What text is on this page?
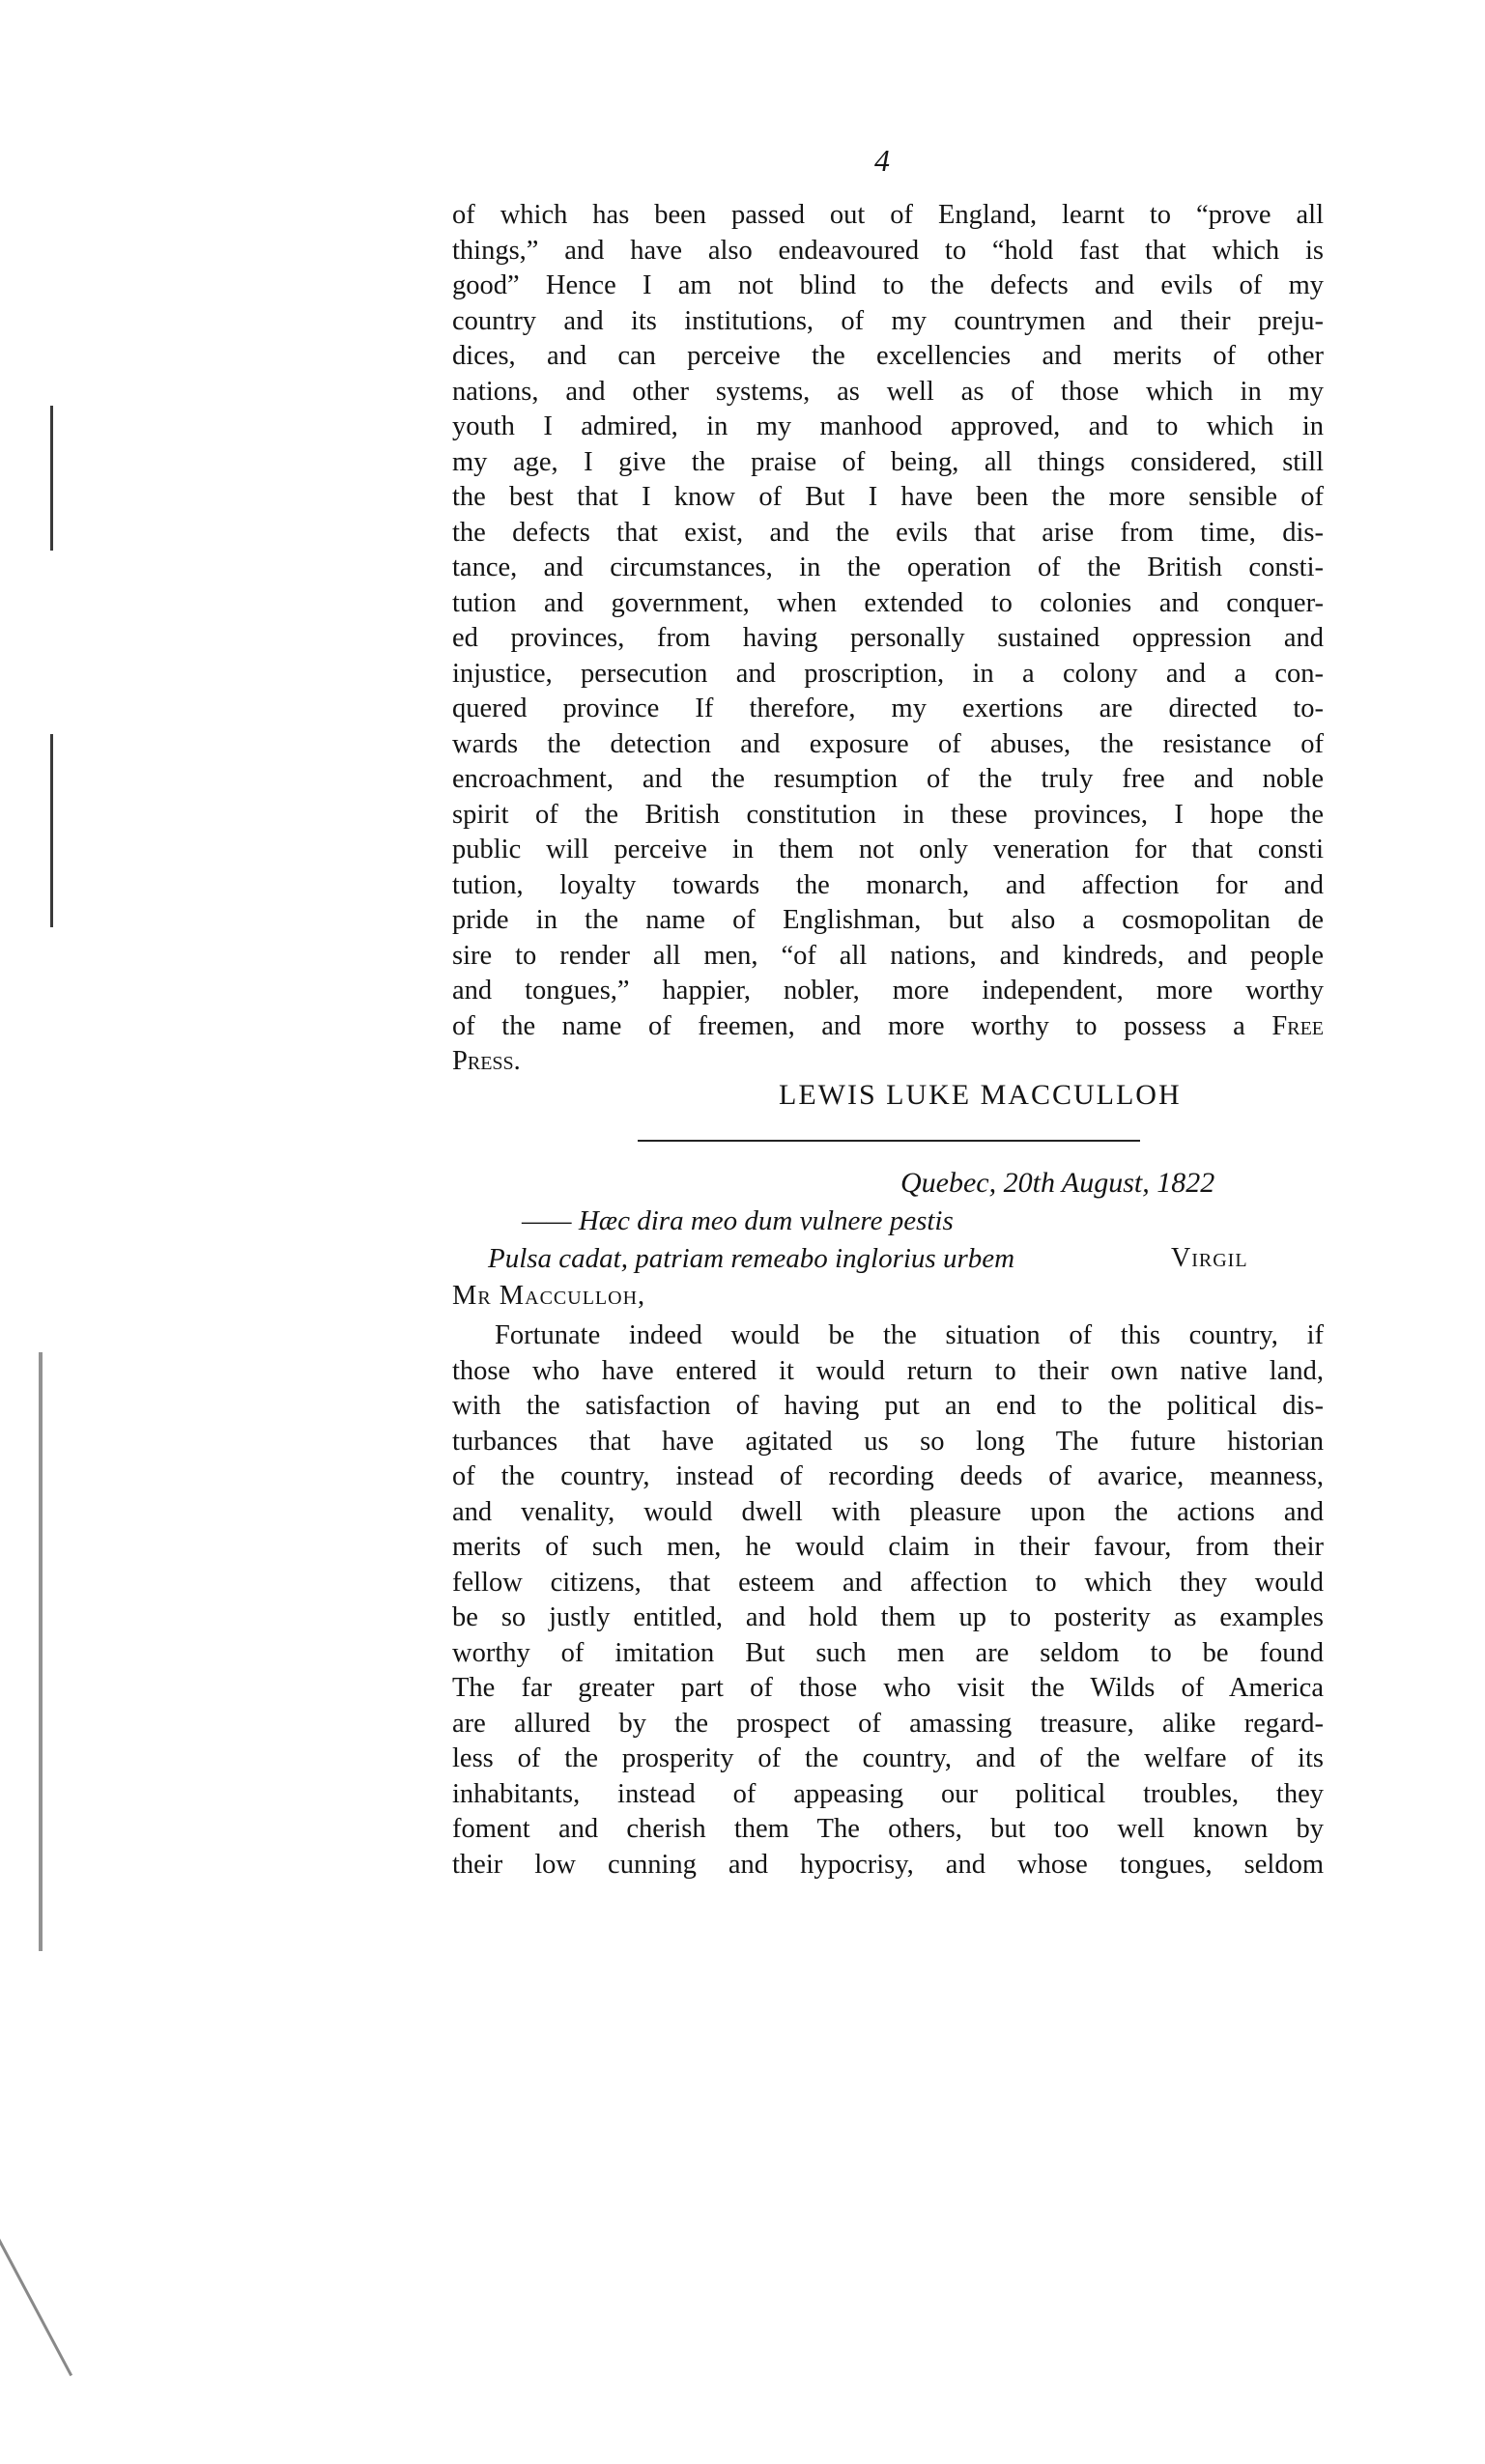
4
of which has been passed out of England, learnt to “prove all
things,” and have also endeavoured to “hold fast that which is
good” Hence I am not blind to the defects and evils of my
country and its institutions, of my countrymen and their preju-
dices, and can perceive the excellencies and merits of other
nations, and other systems, as well as of those which in my
youth I admired, in my manhood approved, and to which in
my age, I give the praise of being, all things considered, still
the best that I know of But I have been the more sensible of
the defects that exist, and the evils that arise from time, dis-
tance, and circumstances, in the operation of the British consti-
tution and government, when extended to colonies and conquer-
ed provinces, from having personally sustained oppression and
injustice, persecution and proscription, in a colony and a con-
quered province If therefore, my exertions are directed to-
wards the detection and exposure of abuses, the resistance of
encroachment, and the resumption of the truly free and noble
spirit of the British constitution in these provinces, I hope the
public will perceive in them not only veneration for that consti
tution, loyalty towards the monarch, and affection for and
pride in the name of Englishman, but also a cosmopolitan de
sire to render all men, “of all nations, and kindreds, and people
and tongues,” happier, nobler, more independent, more worthy
of the name of freemen, and more worthy to possess a Free
Press.
LEWIS LUKE MACCULLOH
Quebec, 20th August, 1822
—— Hæc dira meo dum vulnere pestis
Pulsa cadat, patriam remeabo inglorius urbem	Virgil
Mr Macculloh,
Fortunate indeed would be the situation of this country, if
those who have entered it would return to their own native land,
with the satisfaction of having put an end to the political dis-
turbances that have agitated us so long The future historian
of the country, instead of recording deeds of avarice, meanness,
and venality, would dwell with pleasure upon the actions and
merits of such men, he would claim in their favour, from their
fellow citizens, that esteem and affection to which they would
be so justly entitled, and hold them up to posterity as examples
worthy of imitation But such men are seldom to be found
The far greater part of those who visit the Wilds of America
are allured by the prospect of amassing treasure, alike regard-
less of the prosperity of the country, and of the welfare of its
inhabitants, instead of appeasing our political troubles, they
foment and cherish them The others, but too well known by
their low cunning and hypocrisy, and whose tongues, seldom
